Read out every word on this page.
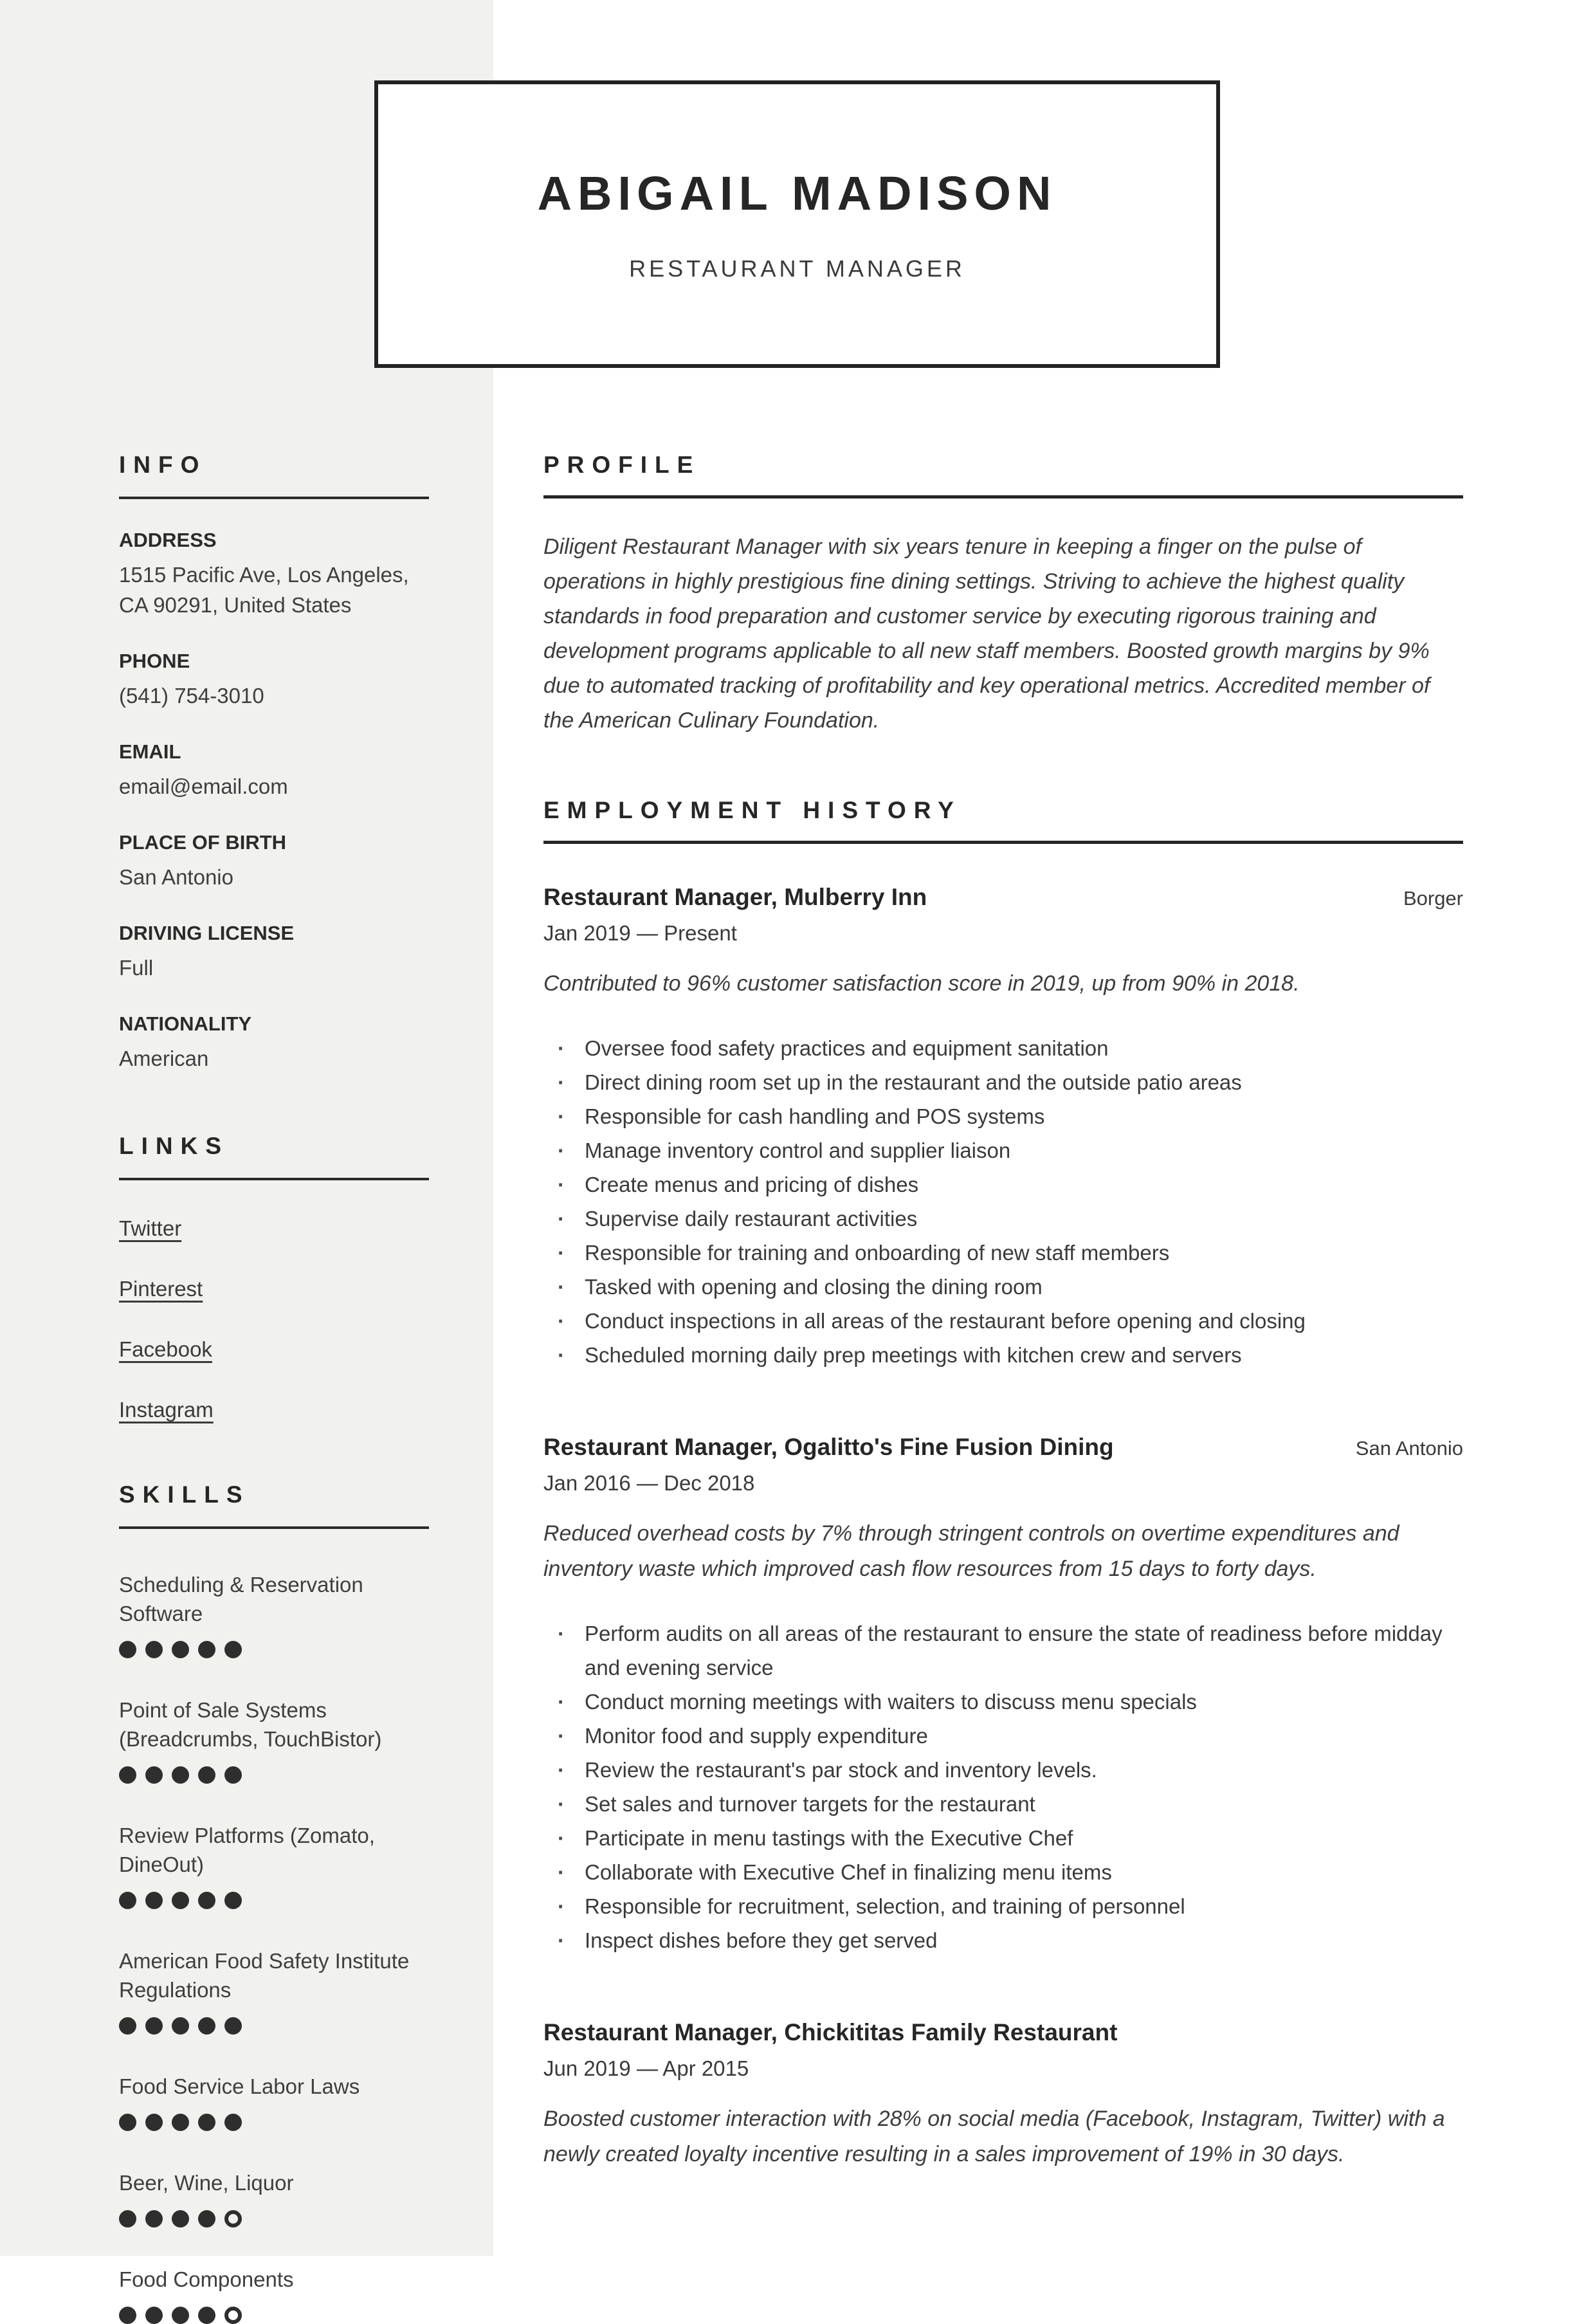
ABIGAIL MADISON
RESTAURANT MANAGER
INFO
ADDRESS
1515 Pacific Ave, Los Angeles, CA 90291, United States
PHONE
(541) 754-3010
EMAIL
email@email.com
PLACE OF BIRTH
San Antonio
DRIVING LICENSE
Full
NATIONALITY
American
LINKS
Twitter
Pinterest
Facebook
Instagram
SKILLS
Scheduling & Reservation Software
Point of Sale Systems (Breadcrumbs, TouchBistor)
Review Platforms (Zomato, DineOut)
American Food Safety Institute Regulations
Food Service Labor Laws
Beer, Wine, Liquor
Food Components
PROFILE
Diligent Restaurant Manager with six years tenure in keeping a finger on the pulse of operations in highly prestigious fine dining settings. Striving to achieve the highest quality standards in food preparation and customer service by executing rigorous training and development programs applicable to all new staff members. Boosted growth margins by 9% due to automated tracking of profitability and key operational metrics. Accredited member of the American Culinary Foundation.
EMPLOYMENT HISTORY
Restaurant Manager, Mulberry Inn	Borger
Jan 2019 — Present
Contributed to 96% customer satisfaction score in 2019, up from 90% in 2018.
· Oversee food safety practices and equipment sanitation
· Direct dining room set up in the restaurant and the outside patio areas
· Responsible for cash handling and POS systems
· Manage inventory control and supplier liaison
· Create menus and pricing of dishes
· Supervise daily restaurant activities
· Responsible for training and onboarding of new staff members
· Tasked with opening and closing the dining room
· Conduct inspections in all areas of the restaurant before opening and closing
· Scheduled morning daily prep meetings with kitchen crew and servers
Restaurant Manager, Ogalitto's Fine Fusion Dining	San Antonio
Jan 2016 — Dec 2018
Reduced overhead costs by 7% through stringent controls on overtime expenditures and inventory waste which improved cash flow resources from 15 days to forty days.
· Perform audits on all areas of the restaurant to ensure the state of readiness before midday and evening service
· Conduct morning meetings with waiters to discuss menu specials
· Monitor food and supply expenditure
· Review the restaurant's par stock and inventory levels.
· Set sales and turnover targets for the restaurant
· Participate in menu tastings with the Executive Chef
· Collaborate with Executive Chef in finalizing menu items
· Responsible for recruitment, selection, and training of personnel
· Inspect dishes before they get served
Restaurant Manager, Chickititas Family Restaurant
Jun 2019 — Apr 2015
Boosted customer interaction with 28% on social media (Facebook, Instagram, Twitter) with a newly created loyalty incentive resulting in a sales improvement of 19% in 30 days.
